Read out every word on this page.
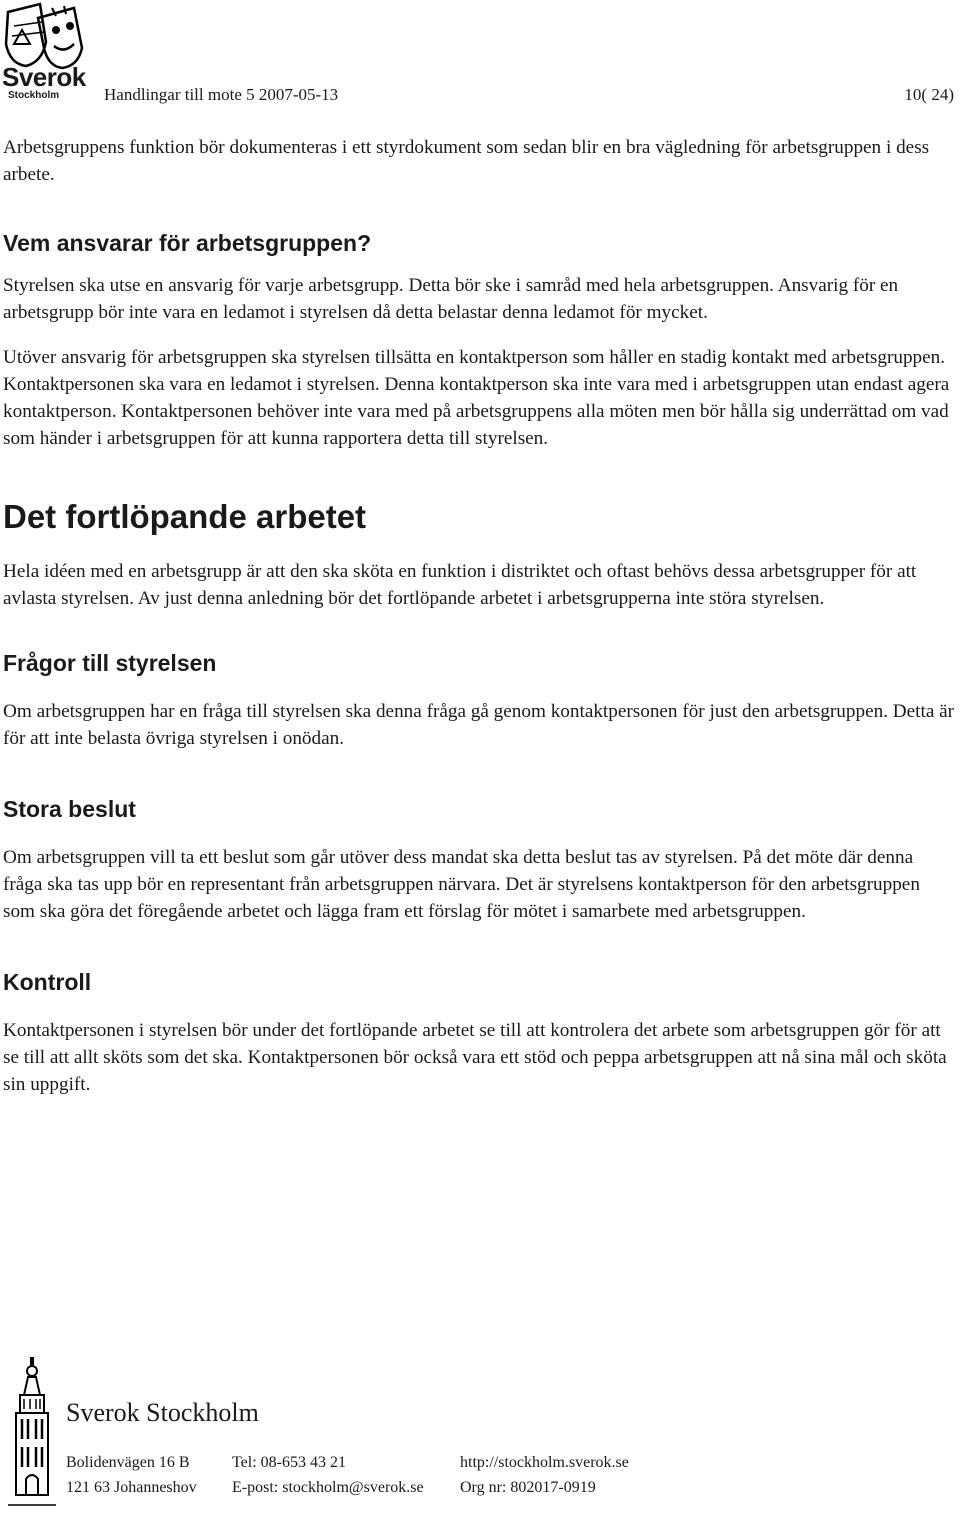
Sverok
Stockholm	Handlingar till mote 5 2007-05-13	10( 24)

Arbetsgruppens funktion bör dokumenteras i ett styrdokument som sedan blir en bra vägledning för arbetsgruppen i dess arbete.

Vem ansvarar för arbetsgruppen?

Styrelsen ska utse en ansvarig för varje arbetsgrupp. Detta bör ske i samråd med hela arbetsgruppen. Ansvarig för en arbetsgrupp bör inte vara en ledamot i styrelsen då detta belastar denna ledamot för mycket.

Utöver ansvarig för arbetsgruppen ska styrelsen tillsätta en kontaktperson som håller en stadig kontakt med arbetsgruppen. Kontaktpersonen ska vara en ledamot i styrelsen. Denna kontaktperson ska inte vara med i arbetsgruppen utan endast agera kontaktperson. Kontaktpersonen behöver inte vara med på arbetsgruppens alla möten men bör hålla sig underrättad om vad som händer i arbetsgruppen för att kunna rapportera detta till styrelsen.

Det fortlöpande arbetet

Hela idéen med en arbetsgrupp är att den ska sköta en funktion i distriktet och oftast behövs dessa arbetsgrupper för att avlasta styrelsen. Av just denna anledning bör det fortlöpande arbetet i arbetsgrupperna inte störa styrelsen.

Frågor till styrelsen

Om arbetsgruppen har en fråga till styrelsen ska denna fråga gå genom kontaktpersonen för just den arbetsgruppen. Detta är för att inte belasta övriga styrelsen i onödan.

Stora beslut

Om arbetsgruppen vill ta ett beslut som går utöver dess mandat ska detta beslut tas av styrelsen. På det möte där denna fråga ska tas upp bör en representant från arbetsgruppen närvara. Det är styrelsens kontaktperson för den arbetsgruppen som ska göra det föregående arbetet och lägga fram ett förslag för mötet i samarbete med arbetsgruppen.

Kontroll

Kontaktpersonen i styrelsen bör under det fortlöpande arbetet se till att kontrolera det arbete som arbetsgruppen gör för att se till att allt sköts som det ska. Kontaktpersonen bör också vara ett stöd och peppa arbetsgruppen att nå sina mål och sköta sin uppgift.

Sverok Stockholm
Bolidenvägen 16 B	Tel: 08-653 43 21	http://stockholm.sverok.se
121 63 Johanneshov E-post: stockholm@sverok.se Org nr: 802017-0919
